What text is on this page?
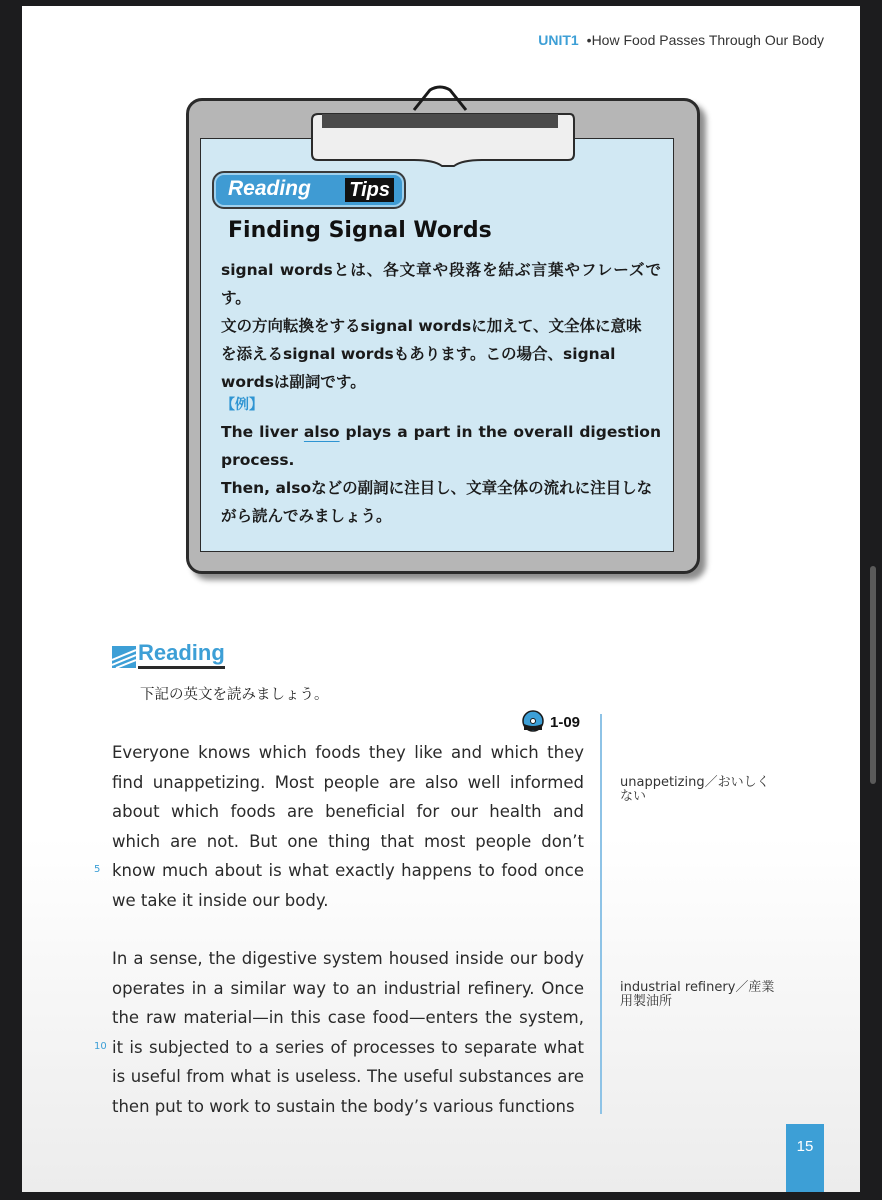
UNIT1 •How Food Passes Through Our Body
Reading Tips
Finding Signal Words

signal wordsとは、各文章や段落を結ぶ言葉やフレーズです。

文の方向転換をするsignal wordsに加えて、文全体に意味

を添えるsignal wordsもあります。この場合、signal

wordsは副詞です。

【例】

The liver also plays a part in the overall digestion process.

Then, alsoなどの副詞に注目し、文章全体の流れに注目しな

がら読んでみましょう。

Reading
下記の英文を読みましょう。
1-09

Everyone knows which foods they like and which they find unappetizing. Most people are also well informed about which foods are beneficial for our health and which are not. But one thing that most people don’t know much about is what exactly happens to food once we take it inside our body.

5

In a sense, the digestive system housed inside our body operates in a similar way to an industrial refinery. Once the raw material—in this case food—enters the system, it is subjected to a series of processes to separate what is useful from what is useless. The useful substances are then put to work to sustain the body’s various functions

10
unappetizing／おいしくない
industrial refinery／産業用製油所
15
